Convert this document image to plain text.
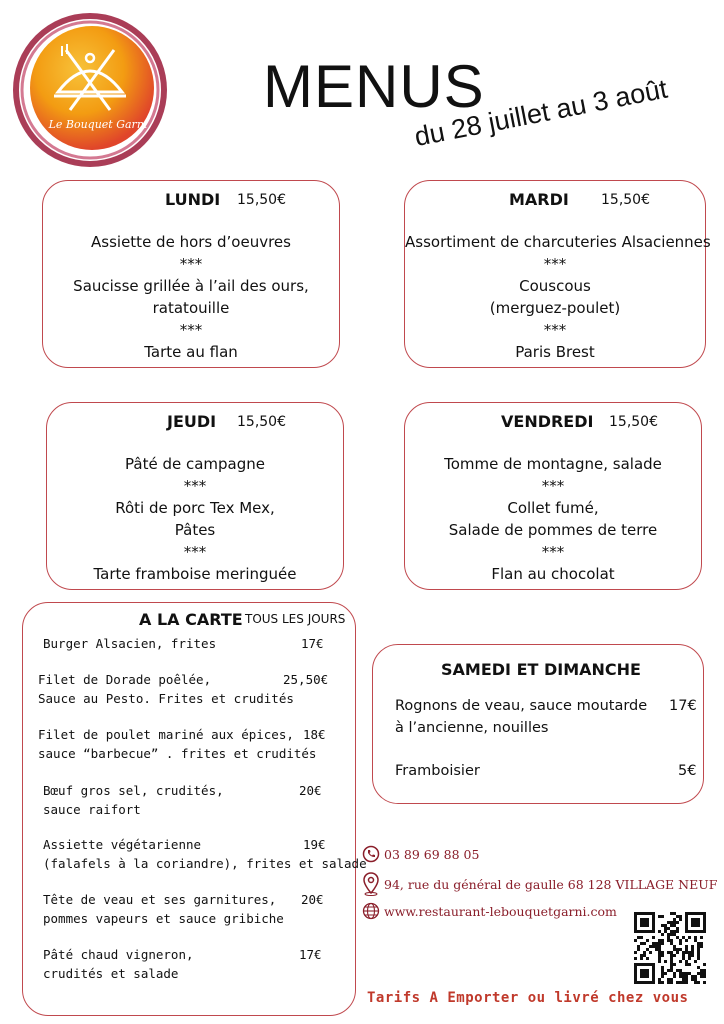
Le Bouquet Garni
MENUS
du 28 juillet au 3 août
LUNDI 15,50€
Assiette de hors d’oeuvres
***
Saucisse grillée à l’ail des ours,
ratatouille
***
Tarte au flan
MARDI 15,50€
Assortiment de charcuteries Alsaciennes
***
Couscous
(merguez-poulet)
***
Paris Brest
JEUDI 15,50€
Pâté de campagne
***
Rôti de porc Tex Mex,
Pâtes
***
Tarte framboise meringuée
VENDREDI 15,50€
Tomme de montagne, salade
***
Collet fumé,
Salade de pommes de terre
***
Flan au chocolat
A LA CARTE TOUS LES JOURS
Burger Alsacien, frites	17€
Filet de Dorade poêlée,
Sauce au Pesto. Frites et crudités
25,50€
Filet de poulet mariné aux épices,
sauce “barbecue” . frites et crudités
18€
Bœuf gros sel, crudités,
sauce raifort
20€
Assiette végétarienne
(falafels à la coriandre), frites et salade
19€
Tête de veau et ses garnitures,
pommes vapeurs et sauce gribiche
20€
Pâté chaud vigneron,
crudités et salade
17€
SAMEDI ET DIMANCHE
Rognons de veau, sauce moutarde
à l’ancienne, nouilles
17€
Framboisier	5€
03 89 69 88 05
94, rue du général de gaulle 68 128 VILLAGE NEUF
www.restaurant-lebouquetgarni.com
Tarifs A Emporter ou livré chez vous
